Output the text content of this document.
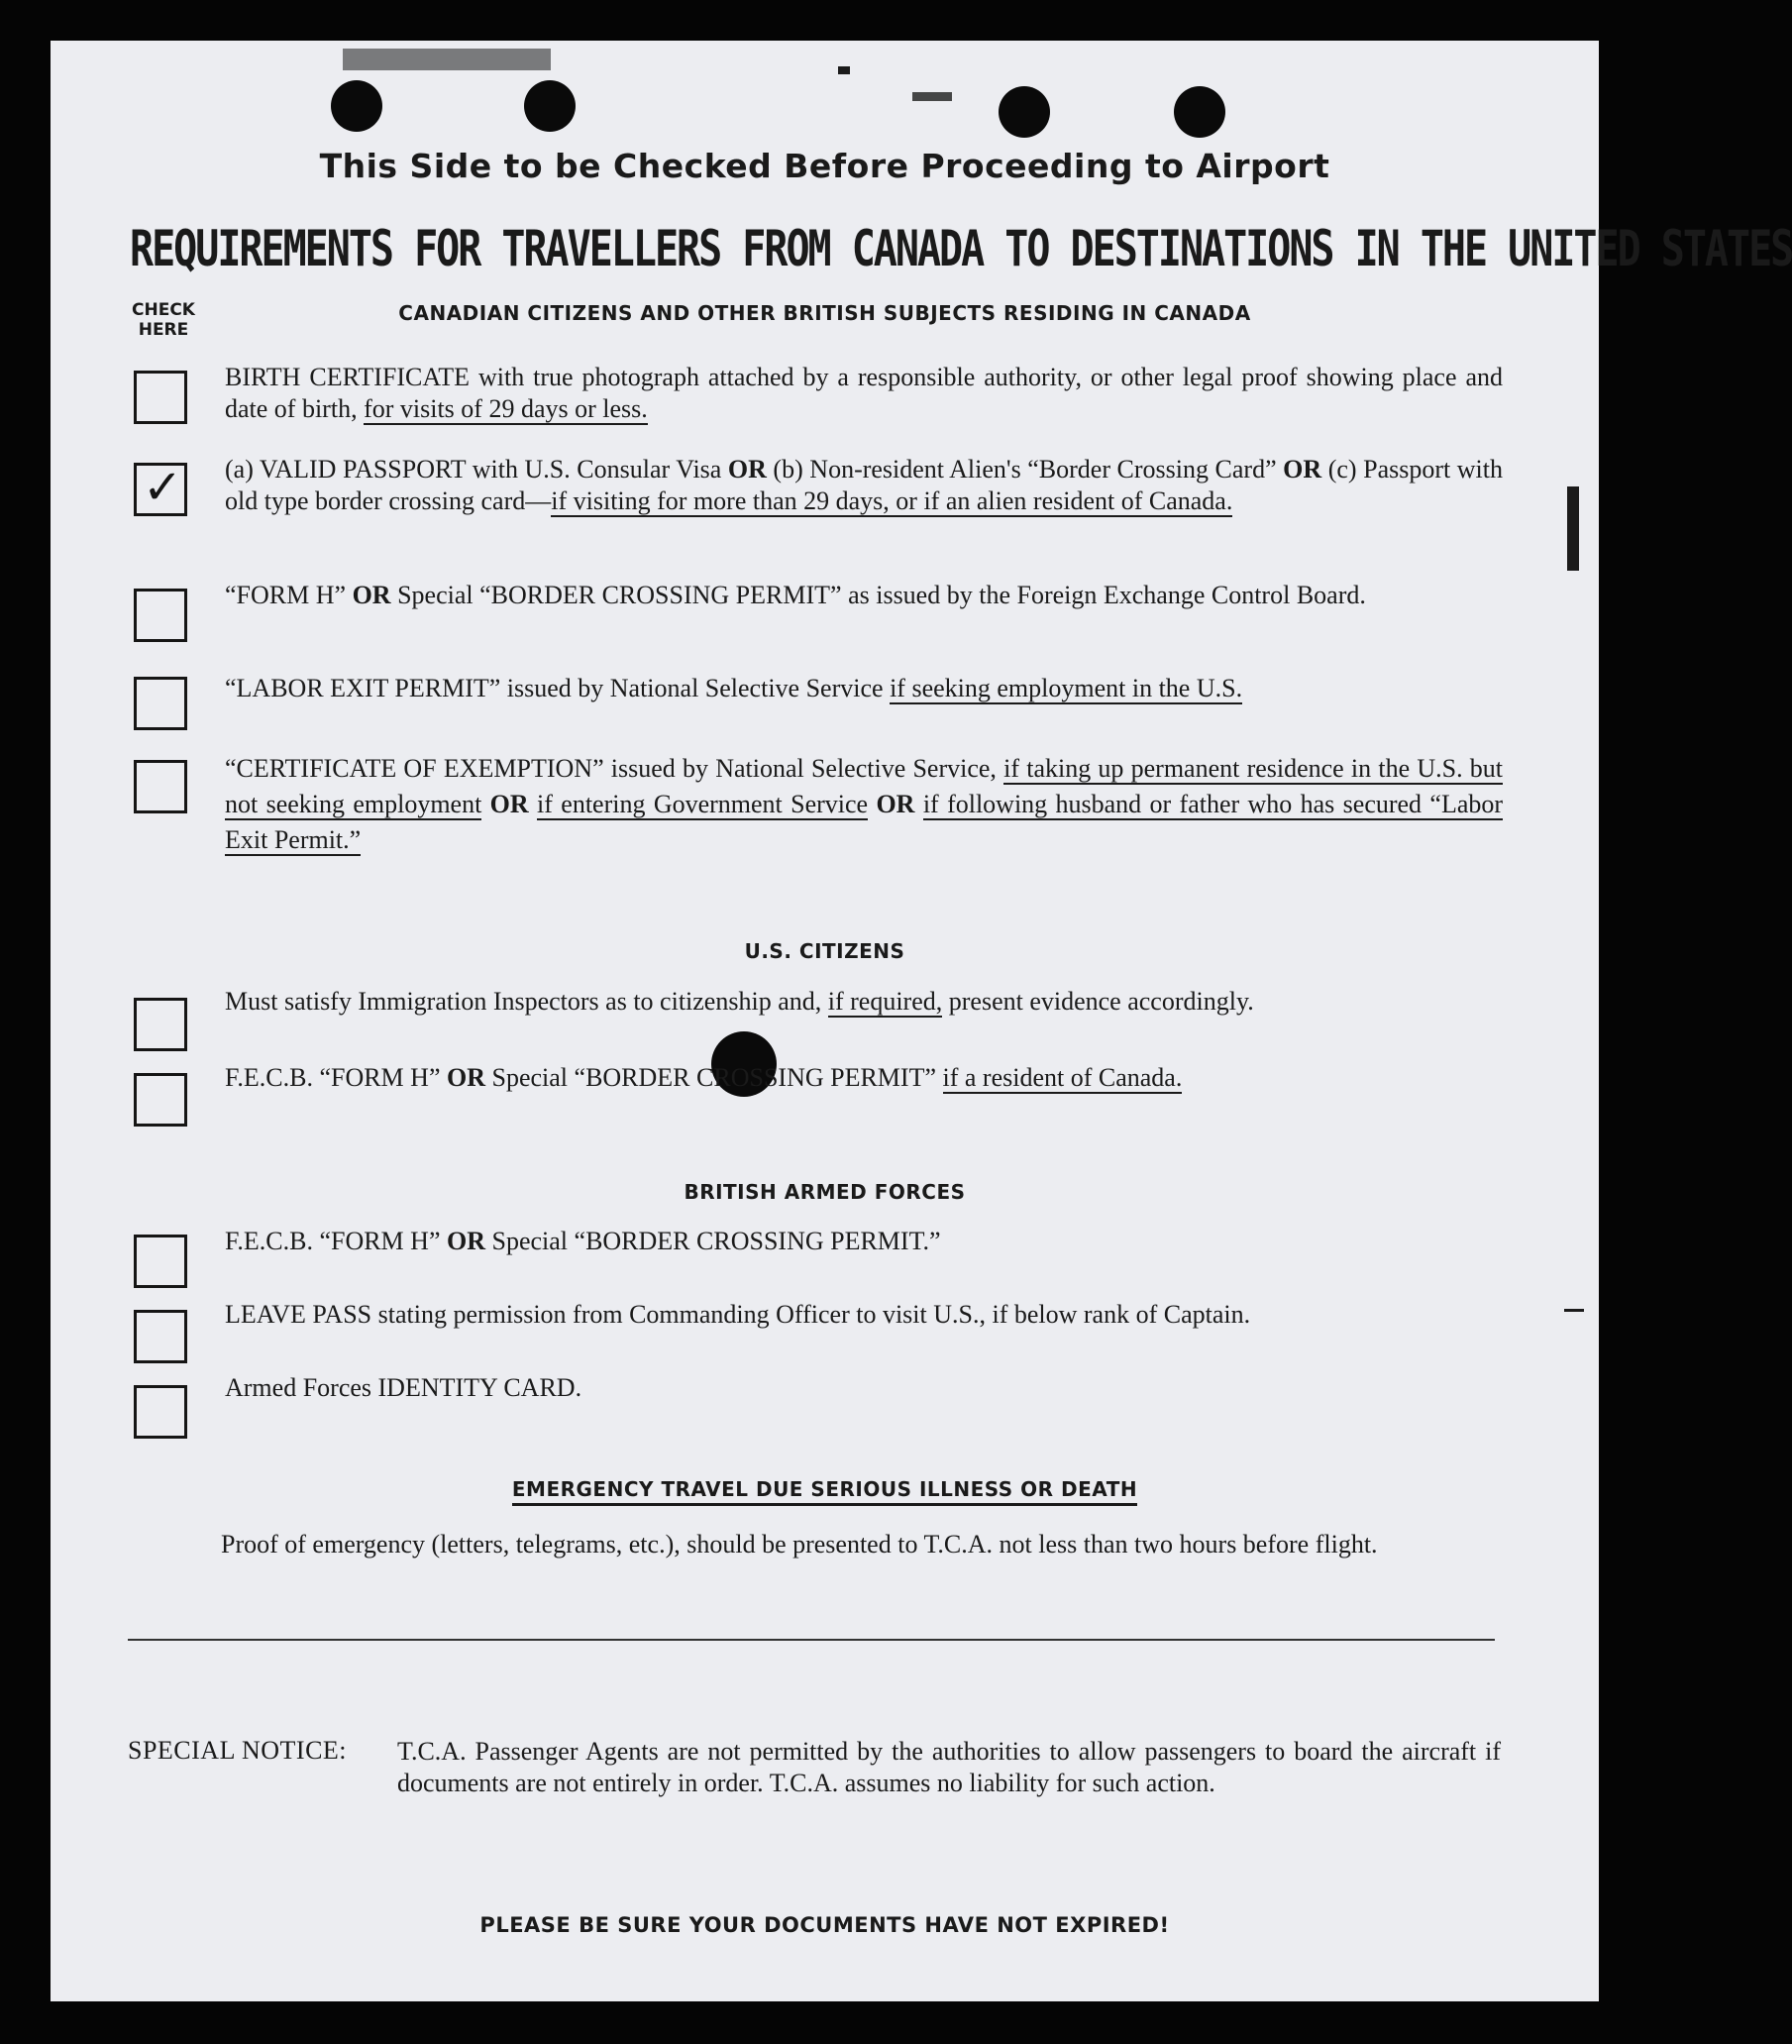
This Side to be Checked Before Proceeding to Airport
REQUIREMENTS FOR TRAVELLERS FROM CANADA TO DESTINATIONS IN THE UNITED STATES
CHECK
HERE
CANADIAN CITIZENS AND OTHER BRITISH SUBJECTS RESIDING IN CANADA
BIRTH CERTIFICATE with true photograph attached by a responsible authority, or other legal proof showing place and date of birth, for visits of 29 days or less.
✓ (a) VALID PASSPORT with U.S. Consular Visa OR (b) Non-resident Alien's “Border Crossing Card” OR (c) Passport with old type border crossing card—if visiting for more than 29 days, or if an alien resident of Canada.
“FORM H” OR Special “BORDER CROSSING PERMIT” as issued by the Foreign Exchange Control Board.
“LABOR EXIT PERMIT” issued by National Selective Service if seeking employment in the U.S.
“CERTIFICATE OF EXEMPTION” issued by National Selective Service, if taking up permanent residence in the U.S. but not seeking employment OR if entering Government Service OR if following husband or father who has secured “Labor Exit Permit.”
U.S. CITIZENS
Must satisfy Immigration Inspectors as to citizenship and, if required, present evidence accordingly.
F.E.C.B. “FORM H” OR Special “BORDER CROSSING PERMIT” if a resident of Canada.
BRITISH ARMED FORCES
F.E.C.B. “FORM H” OR Special “BORDER CROSSING PERMIT.”
LEAVE PASS stating permission from Commanding Officer to visit U.S., if below rank of Captain.
Armed Forces IDENTITY CARD.
EMERGENCY TRAVEL DUE SERIOUS ILLNESS OR DEATH
Proof of emergency (letters, telegrams, etc.), should be presented to T.C.A. not less than two hours before flight.
SPECIAL NOTICE: T.C.A. Passenger Agents are not permitted by the authorities to allow passengers to board the aircraft if documents are not entirely in order. T.C.A. assumes no liability for such action.
PLEASE BE SURE YOUR DOCUMENTS HAVE NOT EXPIRED!
